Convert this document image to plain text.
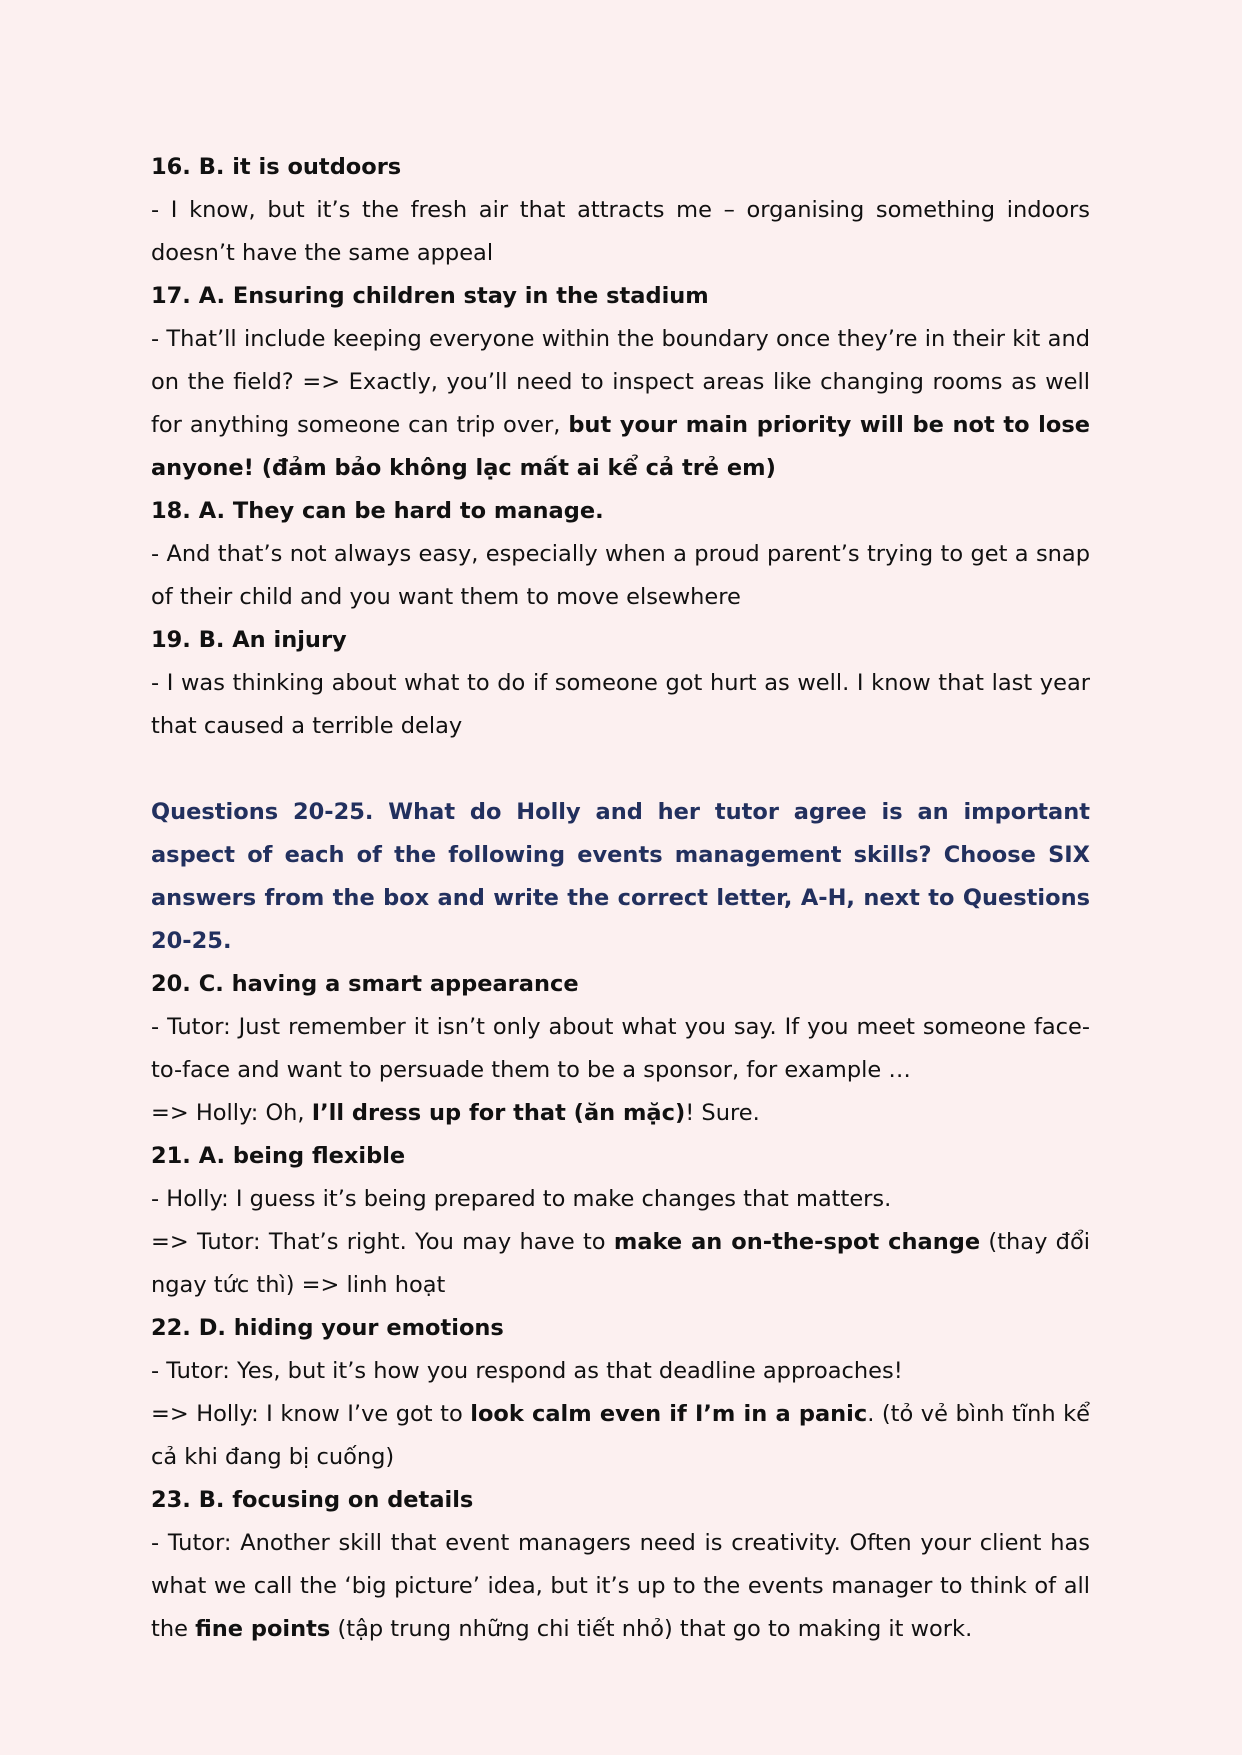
16. B. it is outdoors

- I know, but it’s the fresh air that attracts me – organising something indoors doesn’t have the same appeal

17. A. Ensuring children stay in the stadium

- That’ll include keeping everyone within the boundary once they’re in their kit and on the field? => Exactly, you’ll need to inspect areas like changing rooms as well for anything someone can trip over, but your main priority will be not to lose anyone! (đảm bảo không lạc mất ai kể cả trẻ em)

18. A. They can be hard to manage.

- And that’s not always easy, especially when a proud parent’s trying to get a snap of their child and you want them to move elsewhere

19. B. An injury

- I was thinking about what to do if someone got hurt as well. I know that last year that caused a terrible delay

Questions 20-25. What do Holly and her tutor agree is an important aspect of each of the following events management skills? Choose SIX answers from the box and write the correct letter, A-H, next to Questions 20-25.

20. C. having a smart appearance

- Tutor: Just remember it isn’t only about what you say. If you meet someone face-to-face and want to persuade them to be a sponsor, for example …

=> Holly: Oh, I’ll dress up for that (ăn mặc)! Sure.

21. A. being flexible

- Holly: I guess it’s being prepared to make changes that matters.

=> Tutor: That’s right. You may have to make an on-the-spot change (thay đổi ngay tức thì) => linh hoạt

22. D. hiding your emotions

- Tutor: Yes, but it’s how you respond as that deadline approaches!

=> Holly: I know I’ve got to look calm even if I’m in a panic. (tỏ vẻ bình tĩnh kể cả khi đang bị cuống)

23. B. focusing on details

- Tutor: Another skill that event managers need is creativity. Often your client has what we call the ‘big picture’ idea, but it’s up to the events manager to think of all the fine points (tập trung những chi tiết nhỏ) that go to making it work.
